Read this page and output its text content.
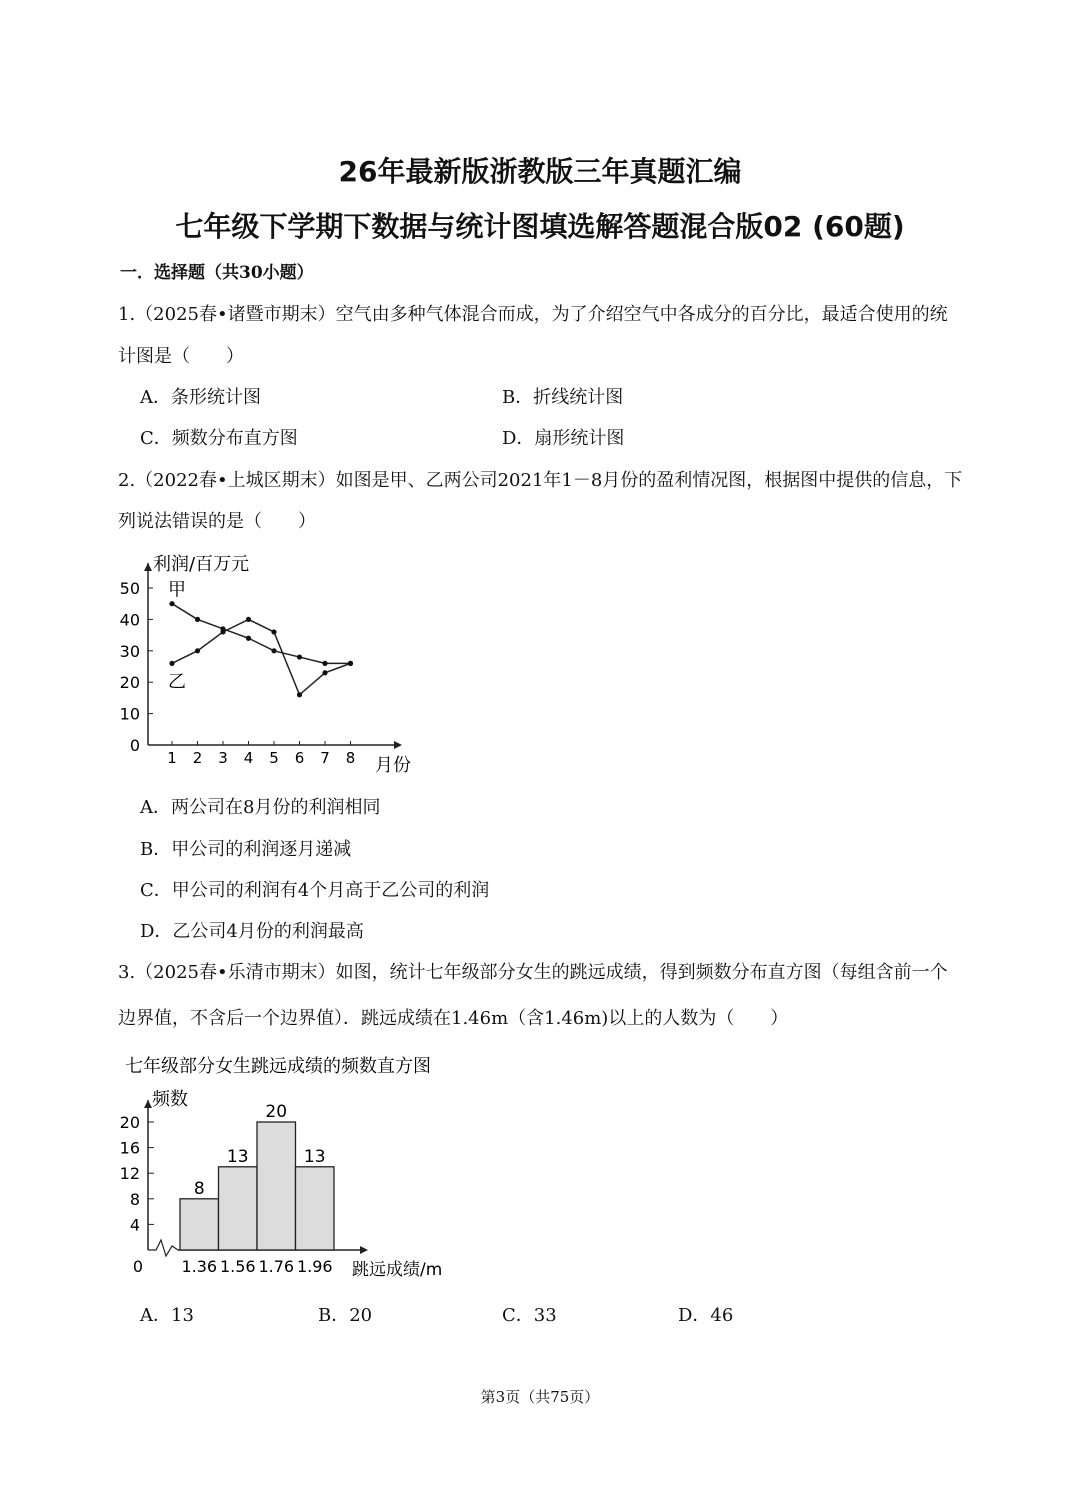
26年最新版浙教版三年真题汇编
七年级下学期下数据与统计图填选解答题混合版02 (60题)
一．选择题（共30小题）
1.（2025春•诸暨市期末）空气由多种气体混合而成，为了介绍空气中各成分的百分比，最适合使用的统
计图是（　　）
A．条形统计图	B．折线统计图
C．频数分布直方图	D．扇形统计图
2.（2022春•上城区期末）如图是甲、乙两公司2021年1－8月份的盈利情况图，根据图中提供的信息，下
列说法错误的是（　　）
利润/百万元
月份
0
10
20
30
40
50
1 2 3 4 5 6 7 8
甲
乙
A．两公司在8月份的利润相同
B．甲公司的利润逐月递减
C．甲公司的利润有4个月高于乙公司的利润
D．乙公司4月份的利润最高
3.（2025春•乐清市期末）如图，统计七年级部分女生的跳远成绩，得到频数分布直方图（每组含前一个
边界值，不含后一个边界值）．跳远成绩在1.46m（含1.46m)以上的人数为（　　）
七年级部分女生跳远成绩的频数直方图
频数
跳远成绩/m
0
4
8
12
16
20
8
13
20
13
1.36 1.56 1.76 1.96
A．13	B．20	C．33	D．46
第3页（共75页）
